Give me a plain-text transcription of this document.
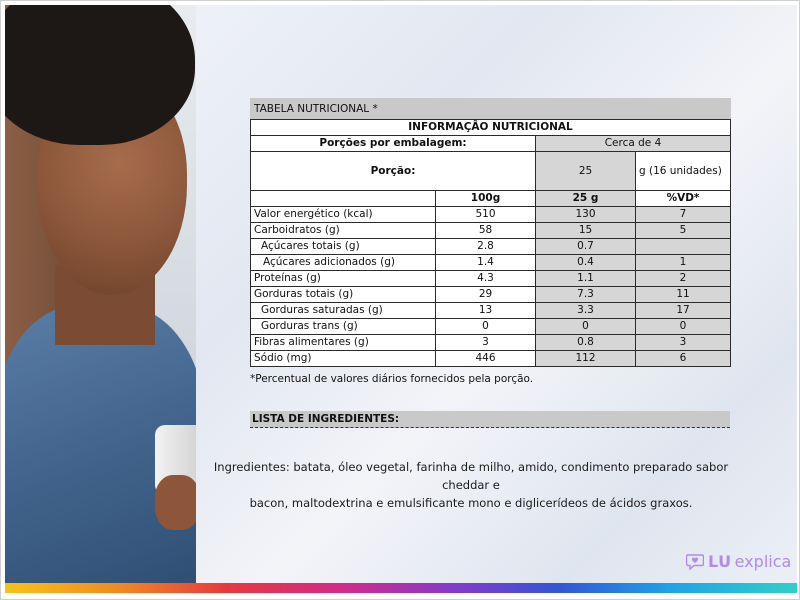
TABELA NUTRICIONAL *			
INFORMAÇÃO NUTRICIONAL			
Porções por embalagem:		Cerca de 4	
Porção:		25	g (16 unidades)
	100g	25 g	%VD*
Valor energético (kcal)	510	130	7
Carboidratos (g)	58	15	5
Açúcares totais (g)	2.8	0.7	
Açúcares adicionados (g)	1.4	0.4	1
Proteínas (g)	4.3	1.1	2
Gorduras totais (g)	29	7.3	11
Gorduras saturadas (g)	13	3.3	17
Gorduras trans (g)	0	0	0
Fibras alimentares (g)	3	0.8	3
Sódio (mg)	446	112	6
*Percentual de valores diários fornecidos pela porção.
LISTA DE INGREDIENTES:
Ingredientes: batata, óleo vegetal, farinha de milho, amido, condimento preparado sabor cheddar e
bacon, maltodextrina e emulsificante mono e diglicerídeos de ácidos graxos.
LU explica
